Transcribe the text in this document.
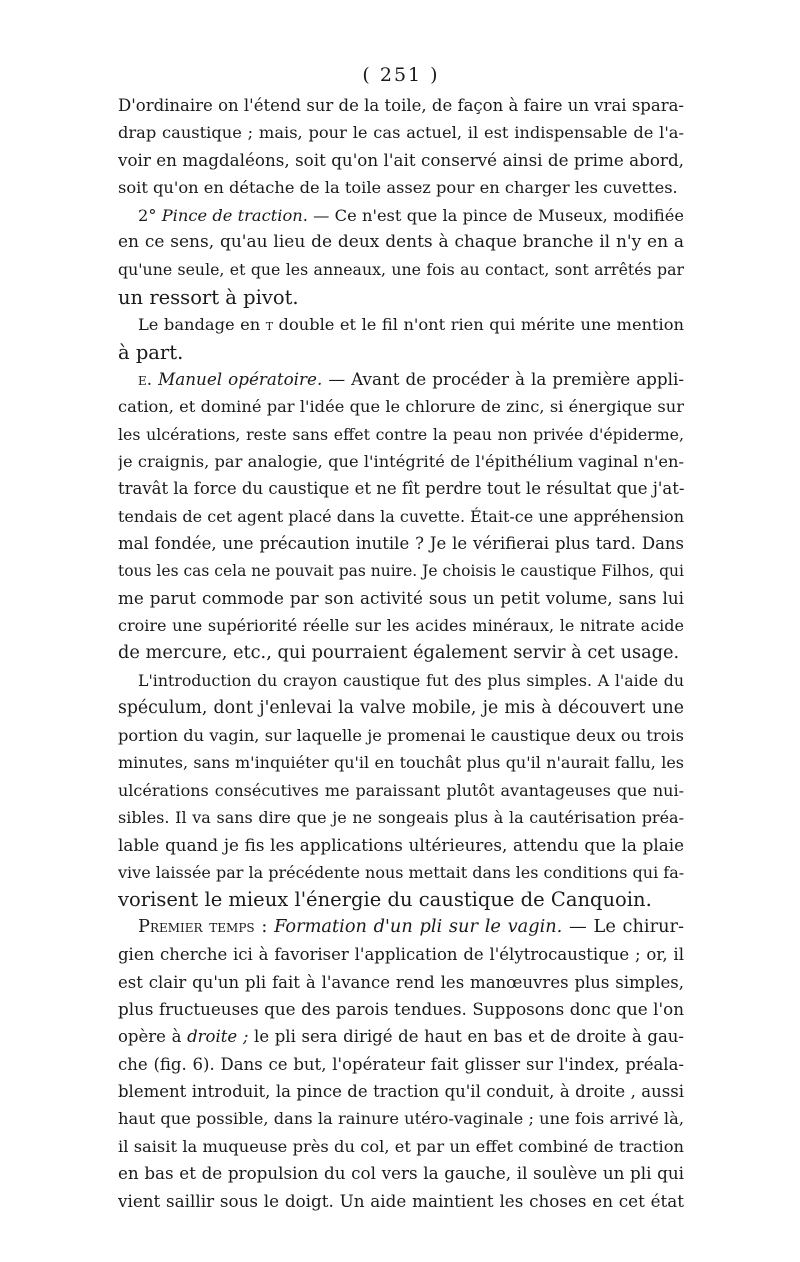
( 251 )
D'ordinaire on l'étend sur de la toile, de façon à faire un vrai spara-
drap caustique ; mais, pour le cas actuel, il est indispensable de l'a-
voir en magdaléons, soit qu'on l'ait conservé ainsi de prime abord,
soit qu'on en détache de la toile assez pour en charger les cuvettes.
2° Pince de traction. — Ce n'est que la pince de Museux, modifiée
en ce sens, qu'au lieu de deux dents à chaque branche il n'y en a
qu'une seule, et que les anneaux, une fois au contact, sont arrêtés par
un ressort à pivot.
Le bandage en t double et le fil n'ont rien qui mérite une mention
à part.
e. Manuel opératoire. — Avant de procéder à la première appli-
cation, et dominé par l'idée que le chlorure de zinc, si énergique sur
les ulcérations, reste sans effet contre la peau non privée d'épiderme,
je craignis, par analogie, que l'intégrité de l'épithélium vaginal n'en-
travât la force du caustique et ne fît perdre tout le résultat que j'at-
tendais de cet agent placé dans la cuvette. Était-ce une appréhension
mal fondée, une précaution inutile ? Je le vérifierai plus tard. Dans
tous les cas cela ne pouvait pas nuire. Je choisis le caustique Filhos, qui
me parut commode par son activité sous un petit volume, sans lui
croire une supériorité réelle sur les acides minéraux, le nitrate acide
de mercure, etc., qui pourraient également servir à cet usage.
L'introduction du crayon caustique fut des plus simples. A l'aide du
spéculum, dont j'enlevai la valve mobile, je mis à découvert une
portion du vagin, sur laquelle je promenai le caustique deux ou trois
minutes, sans m'inquiéter qu'il en touchât plus qu'il n'aurait fallu, les
ulcérations consécutives me paraissant plutôt avantageuses que nui-
sibles. Il va sans dire que je ne songeais plus à la cautérisation préa-
lable quand je fis les applications ultérieures, attendu que la plaie
vive laissée par la précédente nous mettait dans les conditions qui fa-
vorisent le mieux l'énergie du caustique de Canquoin.
Premier temps : Formation d'un pli sur le vagin. — Le chirur-
gien cherche ici à favoriser l'application de l'élytrocaustique ; or, il
est clair qu'un pli fait à l'avance rend les manœuvres plus simples,
plus fructueuses que des parois tendues. Supposons donc que l'on
opère à droite ; le pli sera dirigé de haut en bas et de droite à gau-
che (fig. 6). Dans ce but, l'opérateur fait glisser sur l'index, préala-
blement introduit, la pince de traction qu'il conduit, à droite , aussi
haut que possible, dans la rainure utéro-vaginale ; une fois arrivé là,
il saisit la muqueuse près du col, et par un effet combiné de traction
en bas et de propulsion du col vers la gauche, il soulève un pli qui
vient saillir sous le doigt. Un aide maintient les choses en cet état
